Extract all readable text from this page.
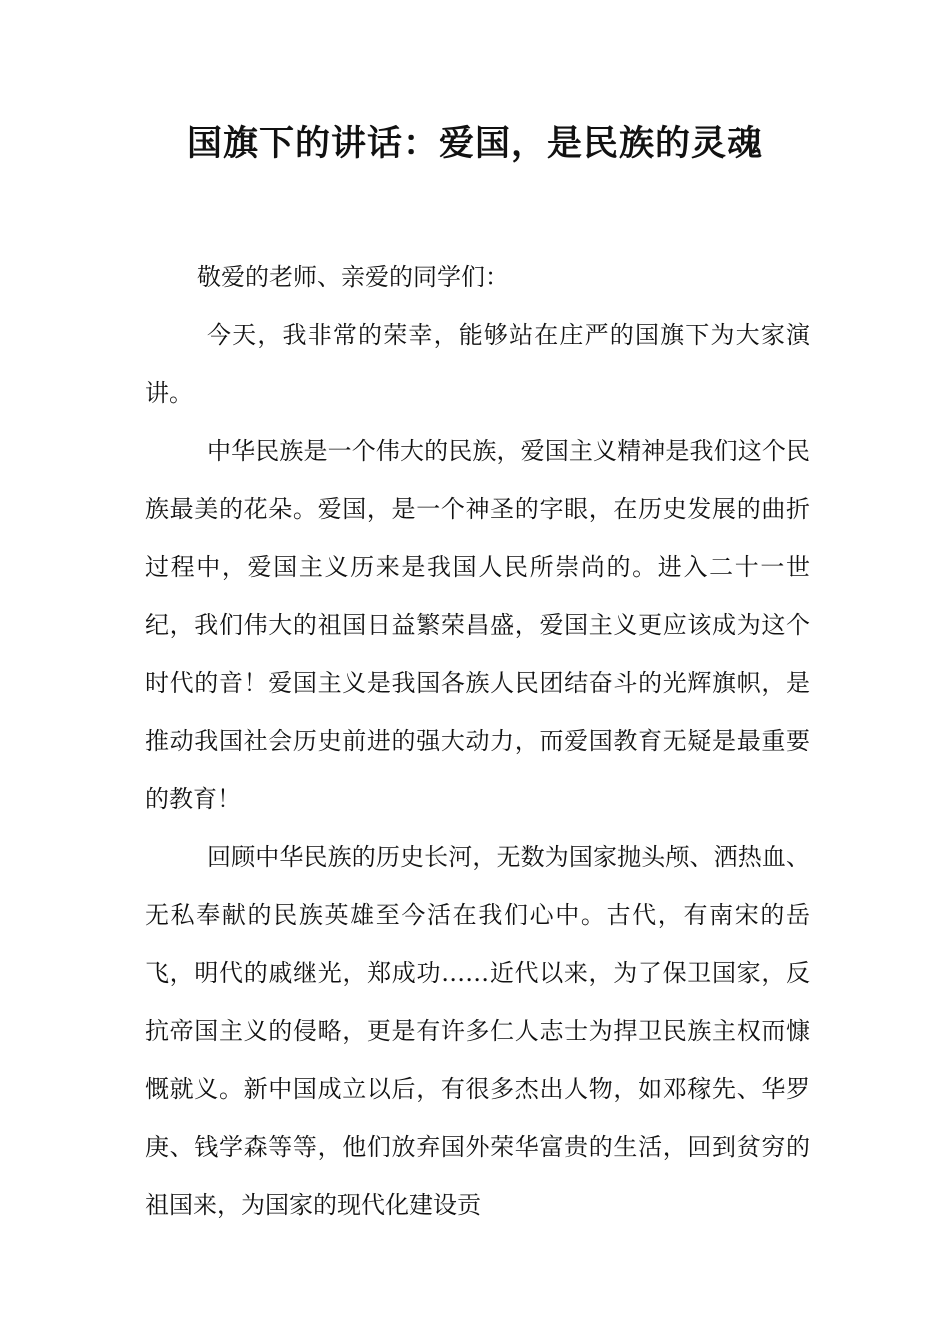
国旗下的讲话：爱国，是民族的灵魂

敬爱的老师、亲爱的同学们：

今天，我非常的荣幸，能够站在庄严的国旗下为大家演讲。

中华民族是一个伟大的民族，爱国主义精神是我们这个民族最美的花朵。爱国，是一个神圣的字眼，在历史发展的曲折过程中，爱国主义历来是我国人民所崇尚的。进入二十一世纪，我们伟大的祖国日益繁荣昌盛，爱国主义更应该成为这个时代的音！爱国主义是我国各族人民团结奋斗的光辉旗帜，是推动我国社会历史前进的强大动力，而爱国教育无疑是最重要的教育！

回顾中华民族的历史长河，无数为国家抛头颅、洒热血、无私奉献的民族英雄至今活在我们心中。古代，有南宋的岳飞，明代的戚继光，郑成功……近代以来，为了保卫国家，反抗帝国主义的侵略，更是有许多仁人志士为捍卫民族主权而慷慨就义。新中国成立以后，有很多杰出人物，如邓稼先、华罗庚、钱学森等等，他们放弃国外荣华富贵的生活，回到贫穷的祖国来，为国家的现代化建设贡
